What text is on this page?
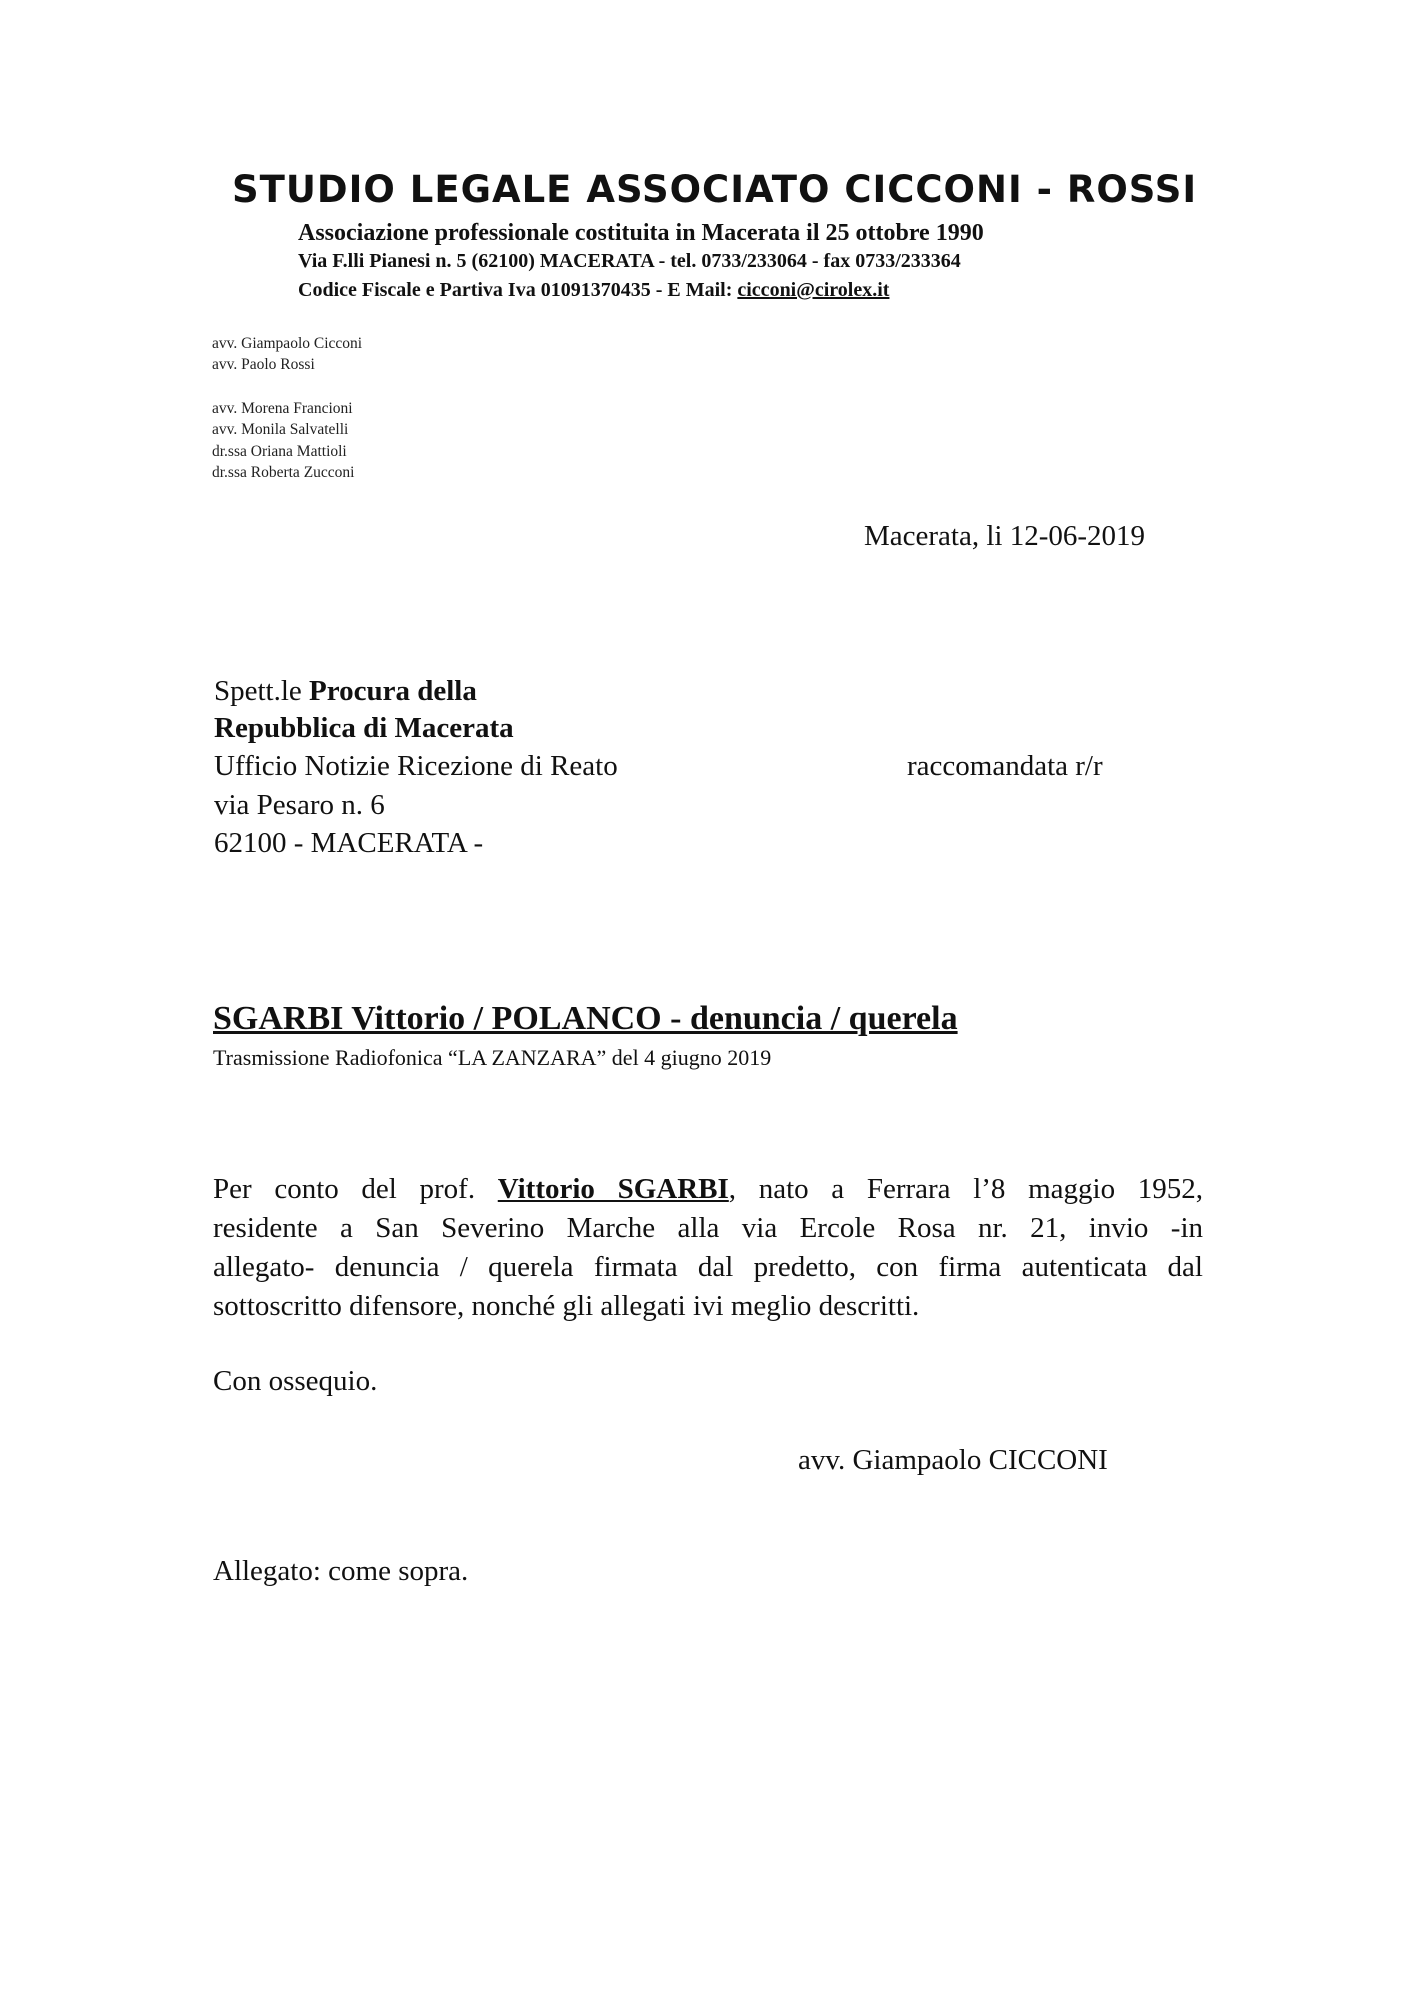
STUDIO LEGALE ASSOCIATO CICCONI - ROSSI
Associazione professionale costituita in Macerata il 25 ottobre 1990
Via F.lli Pianesi n. 5 (62100) MACERATA - tel. 0733/233064 - fax 0733/233364
Codice Fiscale e Partiva Iva 01091370435 - E Mail: cicconi@cirolex.it
avv. Giampaolo Cicconi
avv. Paolo Rossi
avv. Morena Francioni
avv. Monila Salvatelli
dr.ssa Oriana Mattioli
dr.ssa Roberta Zucconi
Macerata, li 12-06-2019
Spett.le Procura della
Repubblica di Macerata
Ufficio Notizie Ricezione di Reato
via Pesaro n. 6
62100 - MACERATA -
raccomandata r/r
SGARBI Vittorio / POLANCO - denuncia / querela
Trasmissione Radiofonica “LA ZANZARA” del 4 giugno 2019
Per conto del prof. Vittorio SGARBI, nato a Ferrara l’8 maggio 1952,
residente a San Severino Marche alla via Ercole Rosa nr. 21, invio -in
allegato- denuncia / querela firmata dal predetto, con firma autenticata dal
sottoscritto difensore, nonché gli allegati ivi meglio descritti.
Con ossequio.
avv. Giampaolo CICCONI
Allegato: come sopra.
